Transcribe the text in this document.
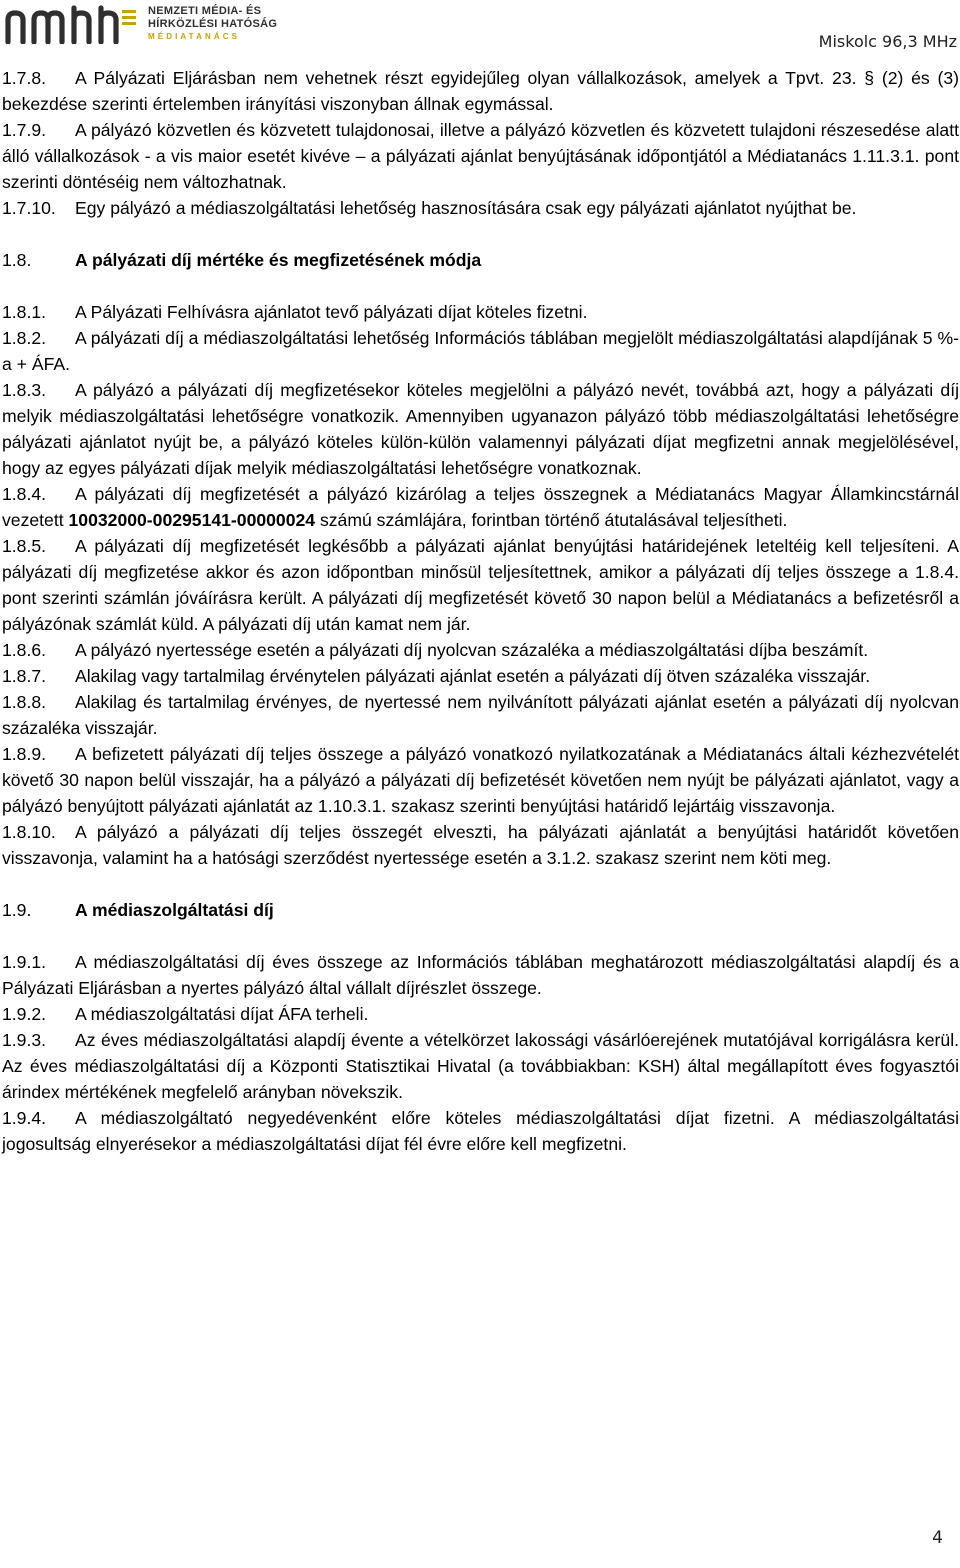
NEMZETI MÉDIA- ÉS
HÍRKÖZLÉSI HATÓSÁG
MÉDIATANÁCS	Miskolc 96,3 MHz

1.7.8. A Pályázati Eljárásban nem vehetnek részt egyidejűleg olyan vállalkozások, amelyek a Tpvt. 23. § (2) és (3) bekezdése szerinti értelemben irányítási viszonyban állnak egymással.

1.7.9. A pályázó közvetlen és közvetett tulajdonosai, illetve a pályázó közvetlen és közvetett tulajdoni részesedése alatt álló vállalkozások - a vis maior esetét kivéve – a pályázati ajánlat benyújtásának időpontjától a Médiatanács 1.11.3.1. pont szerinti döntéséig nem változhatnak.

1.7.10. Egy pályázó a médiaszolgáltatási lehetőség hasznosítására csak egy pályázati ajánlatot nyújthat be.

1.8. A pályázati díj mértéke és megfizetésének módja

1.8.1. A Pályázati Felhívásra ajánlatot tevő pályázati díjat köteles fizetni.

1.8.2. A pályázati díj a médiaszolgáltatási lehetőség Információs táblában megjelölt médiaszolgáltatási alapdíjának 5 %-a + ÁFA.

1.8.3. A pályázó a pályázati díj megfizetésekor köteles megjelölni a pályázó nevét, továbbá azt, hogy a pályázati díj melyik médiaszolgáltatási lehetőségre vonatkozik. Amennyiben ugyanazon pályázó több médiaszolgáltatási lehetőségre pályázati ajánlatot nyújt be, a pályázó köteles külön-külön valamennyi pályázati díjat megfizetni annak megjelölésével, hogy az egyes pályázati díjak melyik médiaszolgáltatási lehetőségre vonatkoznak.

1.8.4. A pályázati díj megfizetését a pályázó kizárólag a teljes összegnek a Médiatanács Magyar Államkincstárnál vezetett 10032000-00295141-00000024 számú számlájára, forintban történő átutalásával teljesítheti.

1.8.5. A pályázati díj megfizetését legkésőbb a pályázati ajánlat benyújtási határidejének leteltéig kell teljesíteni. A pályázati díj megfizetése akkor és azon időpontban minősül teljesítettnek, amikor a pályázati díj teljes összege a 1.8.4. pont szerinti számlán jóváírásra került. A pályázati díj megfizetését követő 30 napon belül a Médiatanács a befizetésről a pályázónak számlát küld. A pályázati díj után kamat nem jár.

1.8.6. A pályázó nyertessége esetén a pályázati díj nyolcvan százaléka a médiaszolgáltatási díjba beszámít.

1.8.7. Alakilag vagy tartalmilag érvénytelen pályázati ajánlat esetén a pályázati díj ötven százaléka visszajár.

1.8.8. Alakilag és tartalmilag érvényes, de nyertessé nem nyilvánított pályázati ajánlat esetén a pályázati díj nyolcvan százaléka visszajár.

1.8.9. A befizetett pályázati díj teljes összege a pályázó vonatkozó nyilatkozatának a Médiatanács általi kézhezvételét követő 30 napon belül visszajár, ha a pályázó a pályázati díj befizetését követően nem nyújt be pályázati ajánlatot, vagy a pályázó benyújtott pályázati ajánlatát az 1.10.3.1. szakasz szerinti benyújtási határidő lejártáig visszavonja.

1.8.10. A pályázó a pályázati díj teljes összegét elveszti, ha pályázati ajánlatát a benyújtási határidőt követően visszavonja, valamint ha a hatósági szerződést nyertessége esetén a 3.1.2. szakasz szerint nem köti meg.

1.9. A médiaszolgáltatási díj

1.9.1. A médiaszolgáltatási díj éves összege az Információs táblában meghatározott médiaszolgáltatási alapdíj és a Pályázati Eljárásban a nyertes pályázó által vállalt díjrészlet összege.

1.9.2. A médiaszolgáltatási díjat ÁFA terheli.

1.9.3. Az éves médiaszolgáltatási alapdíj évente a vételkörzet lakossági vásárlóerejének mutatójával korrigálásra kerül. Az éves médiaszolgáltatási díj a Központi Statisztikai Hivatal (a továbbiakban: KSH) által megállapított éves fogyasztói árindex mértékének megfelelő arányban növekszik.

1.9.4. A médiaszolgáltató negyedévenként előre köteles médiaszolgáltatási díjat fizetni. A médiaszolgáltatási jogosultság elnyerésekor a médiaszolgáltatási díjat fél évre előre kell megfizetni.

4
